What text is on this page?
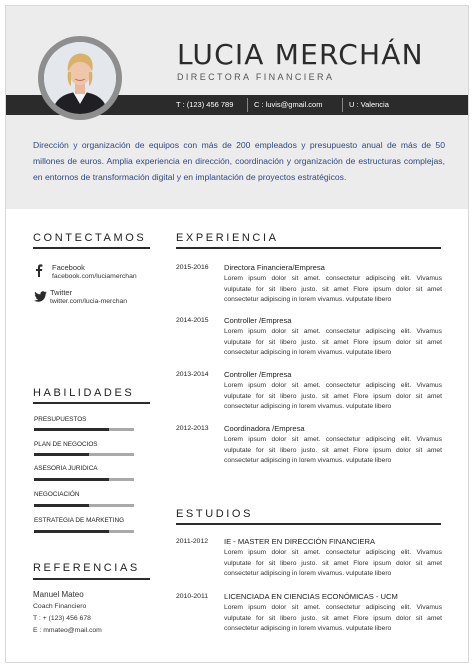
LUCIA MERCHÁN
DIRECTORA FINANCIERA
T : (123) 456 789	C : luvis@gmail.com	U : Valencia
Dirección y organización de equipos con más de 200 empleados y presupuesto anual de más de 50 millones de euros. Amplia experiencia en dirección, coordinación y organización de estructuras complejas, en entornos de transformación digital y en implantación de proyectos estratégicos.
CONTECTAMOS
Facebook
facebook.com/luciamerchan
Twitter
twitter.com/lucia-merchan
HABILIDADES
PRESUPUESTOS
PLAN DE NEGOCIOS
ASESORIA JURIDICA
NEGOCIACIÓN
ESTRATEGIA DE MARKETING
REFERENCIAS
Manuel Mateo
Coach Financiero
T : + (123) 456 678
E : mmateo@mail.com
EXPERIENCIA
2015-2016 Directora Financiera/Empresa
Lorem ipsum dolor sit amet. consectetur adipiscing elit. Vivamus vulputate for sit libero justo. sit amet Flore ipsum dolor sit amet consectetur adipiscing in lorem vivamus. vulputate libero
2014-2015 Controller /Empresa
Lorem ipsum dolor sit amet. consectetur adipiscing elit. Vivamus vulputate for sit libero justo. sit amet Flore ipsum dolor sit amet consectetur adipiscing in lorem vivamus. vulputate libero
2013-2014 Controller /Empresa
Lorem ipsum dolor sit amet. consectetur adipiscing elit. Vivamus vulputate for sit libero justo. sit amet Flore ipsum dolor sit amet consectetur adipiscing in lorem vivamus. vulputate libero
2012-2013 Coordinadora /Empresa
Lorem ipsum dolor sit amet. consectetur adipiscing elit. Vivamus vulputate for sit libero justo. sit amet Flore ipsum dolor sit amet consectetur adipiscing in lorem vivamus. vulputate libero
ESTUDIOS
2011-2012 IE - MASTER EN DIRECCIÓN FINANCIERA
Lorem ipsum dolor sit amet. consectetur adipiscing elit. Vivamus vulputate for sit libero justo. sit amet Flore ipsum dolor sit amet consectetur adipiscing in lorem vivamus. vulputate libero
2010-2011 LICENCIADA EN CIENCIAS ECONÓMICAS - UCM
Lorem ipsum dolor sit amet. consectetur adipiscing elit. Vivamus vulputate for sit libero justo. sit amet Flore ipsum dolor sit amet consectetur adipiscing in lorem vivamus. vulputate libero
